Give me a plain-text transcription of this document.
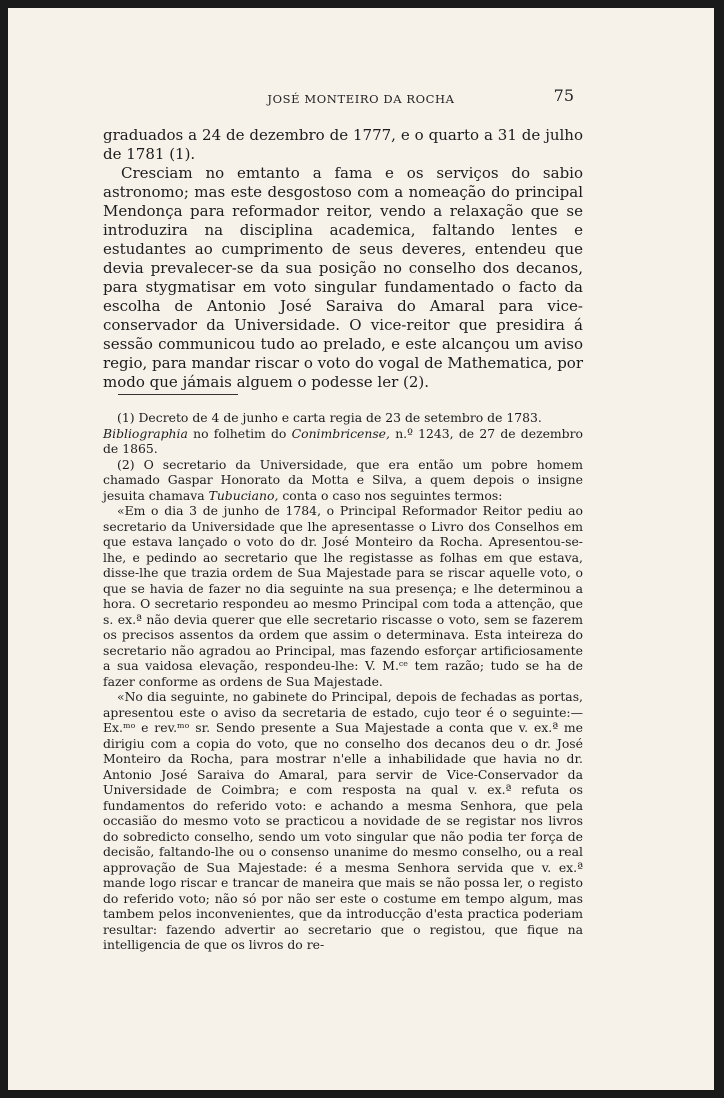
JOSÉ MONTEIRO DA ROCHA	75

graduados a 24 de dezembro de 1777, e o quarto a 31 de julho de 1781 (1).

Cresciam no emtanto a fama e os serviços do sabio astronomo; mas este desgostoso com a nomeação do principal Mendonça para reformador reitor, vendo a relaxação que se introduzira na disciplina academica, faltando lentes e estudantes ao cumprimento de seus deveres, entendeu que devia prevalecer-se da sua posição no conselho dos decanos, para stygmatisar em voto singular fundamentado o facto da escolha de Antonio José Saraiva do Amaral para vice-conservador da Universidade. O vice-reitor que presidira á sessão communicou tudo ao prelado, e este alcançou um aviso regio, para mandar riscar o voto do vogal de Mathematica, por modo que jámais alguem o podesse ler (2).

(1) Decreto de 4 de junho e carta regia de 23 de setembro de 1783.
Bibliographia no folhetim do Conimbricense, n.º 1243, de 27 de dezembro de 1865.

(2) O secretario da Universidade, que era então um pobre homem chamado Gaspar Honorato da Motta e Silva, a quem depois o insigne jesuita chamava Tubuciano, conta o caso nos seguintes termos:

«Em o dia 3 de junho de 1784, o Principal Reformador Reitor pediu ao secretario da Universidade que lhe apresentasse o Livro dos Conselhos em que estava lançado o voto do dr. José Monteiro da Rocha. Apresentou-se-lhe, e pedindo ao secretario que lhe registasse as folhas em que estava, disse-lhe que trazia ordem de Sua Majestade para se riscar aquelle voto, o que se havia de fazer no dia seguinte na sua presença; e lhe determinou a hora. O secretario respondeu ao mesmo Principal com toda a attenção, que s. ex.ª não devia querer que elle secretario riscasse o voto, sem se fazerem os precisos assentos da ordem que assim o determinava. Esta inteireza do secretario não agradou ao Principal, mas fazendo esforçar artificiosamente a sua vaidosa elevação, respondeu-lhe: V. M.ᶜᵉ tem razão; tudo se ha de fazer conforme as ordens de Sua Majestade.

«No dia seguinte, no gabinete do Principal, depois de fechadas as portas, apresentou este o aviso da secretaria de estado, cujo teor é o seguinte:—Ex.ᵐᵒ e rev.ᵐᵒ sr. Sendo presente a Sua Majestade a conta que v. ex.ª me dirigiu com a copia do voto, que no conselho dos decanos deu o dr. José Monteiro da Rocha, para mostrar n'elle a inhabilidade que havia no dr. Antonio José Saraiva do Amaral, para servir de Vice-Conservador da Universidade de Coimbra; e com resposta na qual v. ex.ª refuta os fundamentos do referido voto: e achando a mesma Senhora, que pela occasião do mesmo voto se practicou a novidade de se registar nos livros do sobredicto conselho, sendo um voto singular que não podia ter força de decisão, faltando-lhe ou o consenso unanime do mesmo conselho, ou a real approvação de Sua Majestade: é a mesma Senhora servida que v. ex.ª mande logo riscar e trancar de maneira que mais se não possa ler, o registo do referido voto; não só por não ser este o costume em tempo algum, mas tambem pelos inconvenientes, que da introducção d'esta practica poderiam resultar: fazendo advertir ao secretario que o registou, que fique na intelligencia de que os livros do re-
